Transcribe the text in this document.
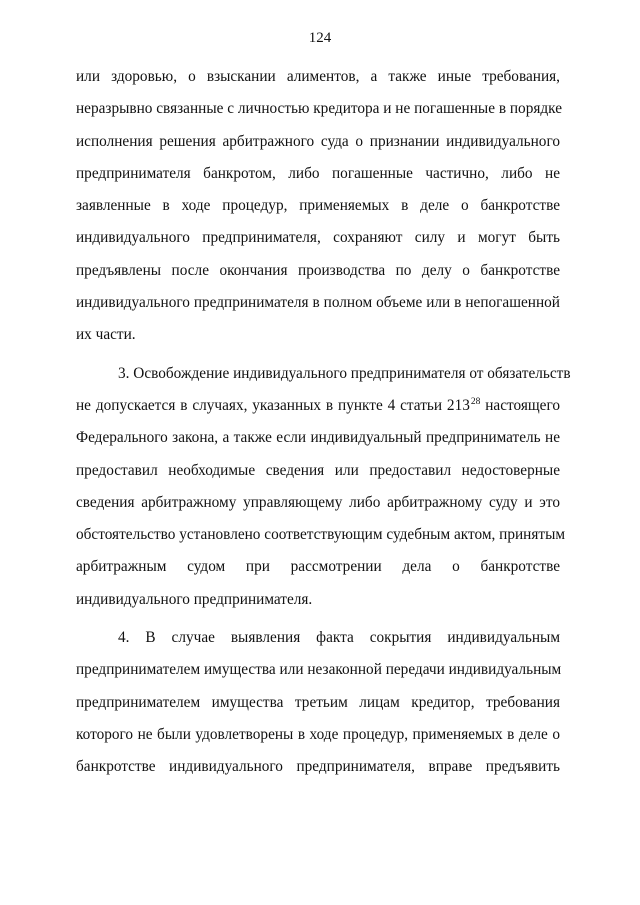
124
или здоровью, о взыскании алиментов, а также иные требования,
неразрывно связанные с личностью кредитора и не погашенные в порядке
исполнения решения арбитражного суда о признании индивидуального
предпринимателя банкротом, либо погашенные частично, либо не
заявленные в ходе процедур, применяемых в деле о банкротстве
индивидуального предпринимателя, сохраняют силу и могут быть
предъявлены после окончания производства по делу о банкротстве
индивидуального предпринимателя в полном объеме или в непогашенной
их части.
3. Освобождение индивидуального предпринимателя от обязательств
не допускается в случаях, указанных в пункте 4 статьи $213^{28}$ настоящего
Федерального закона, а также если индивидуальный предприниматель не
предоставил необходимые сведения или предоставил недостоверные
сведения арбитражному управляющему либо арбитражному суду и это
обстоятельство установлено соответствующим судебным актом, принятым
арбитражным судом при рассмотрении дела о банкротстве
индивидуального предпринимателя.
4. В случае выявления факта сокрытия индивидуальным
предпринимателем имущества или незаконной передачи индивидуальным
предпринимателем имущества третьим лицам кредитор, требования
которого не были удовлетворены в ходе процедур, применяемых в деле о
банкротстве индивидуального предпринимателя, вправе предъявить
